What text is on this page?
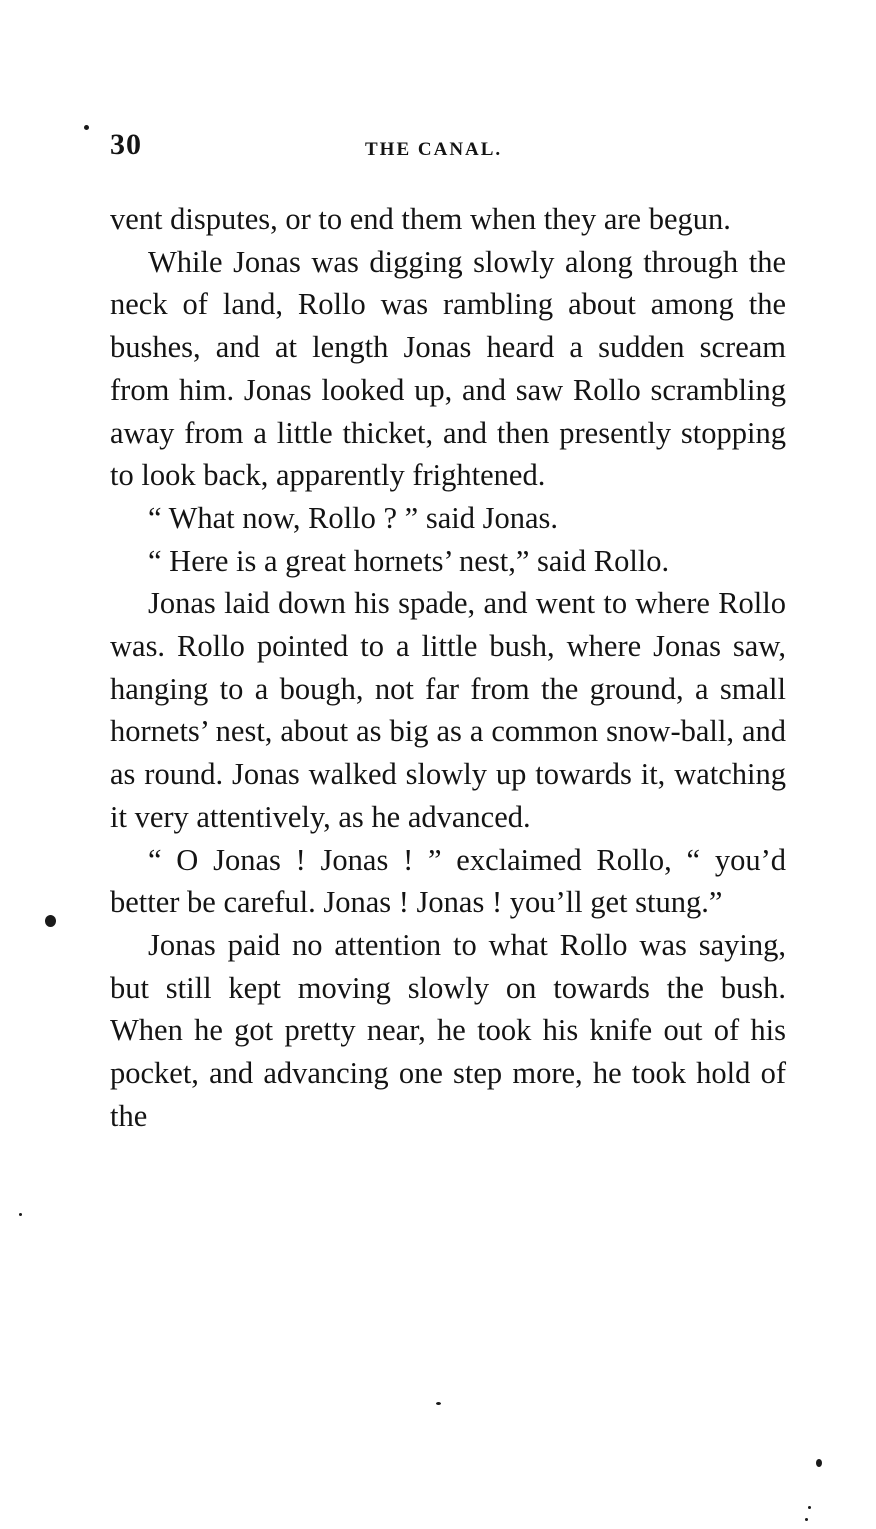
30	THE CANAL.

vent disputes, or to end them when they are begun.

While Jonas was digging slowly along through the neck of land, Rollo was rambling about among the bushes, and at length Jonas heard a sudden scream from him. Jonas looked up, and saw Rollo scrambling away from a little thicket, and then presently stopping to look back, apparently frightened.

“ What now, Rollo ? ” said Jonas.

“ Here is a great hornets’ nest,” said Rollo.

Jonas laid down his spade, and went to where Rollo was. Rollo pointed to a little bush, where Jonas saw, hanging to a bough, not far from the ground, a small hornets’ nest, about as big as a common snow-ball, and as round. Jonas walked slowly up towards it, watching it very attentively, as he advanced.

“ O Jonas ! Jonas ! ” exclaimed Rollo, “ you’d better be careful. Jonas ! Jonas ! you’ll get stung.”

Jonas paid no attention to what Rollo was saying, but still kept moving slowly on towards the bush. When he got pretty near, he took his knife out of his pocket, and advancing one step more, he took hold of the
